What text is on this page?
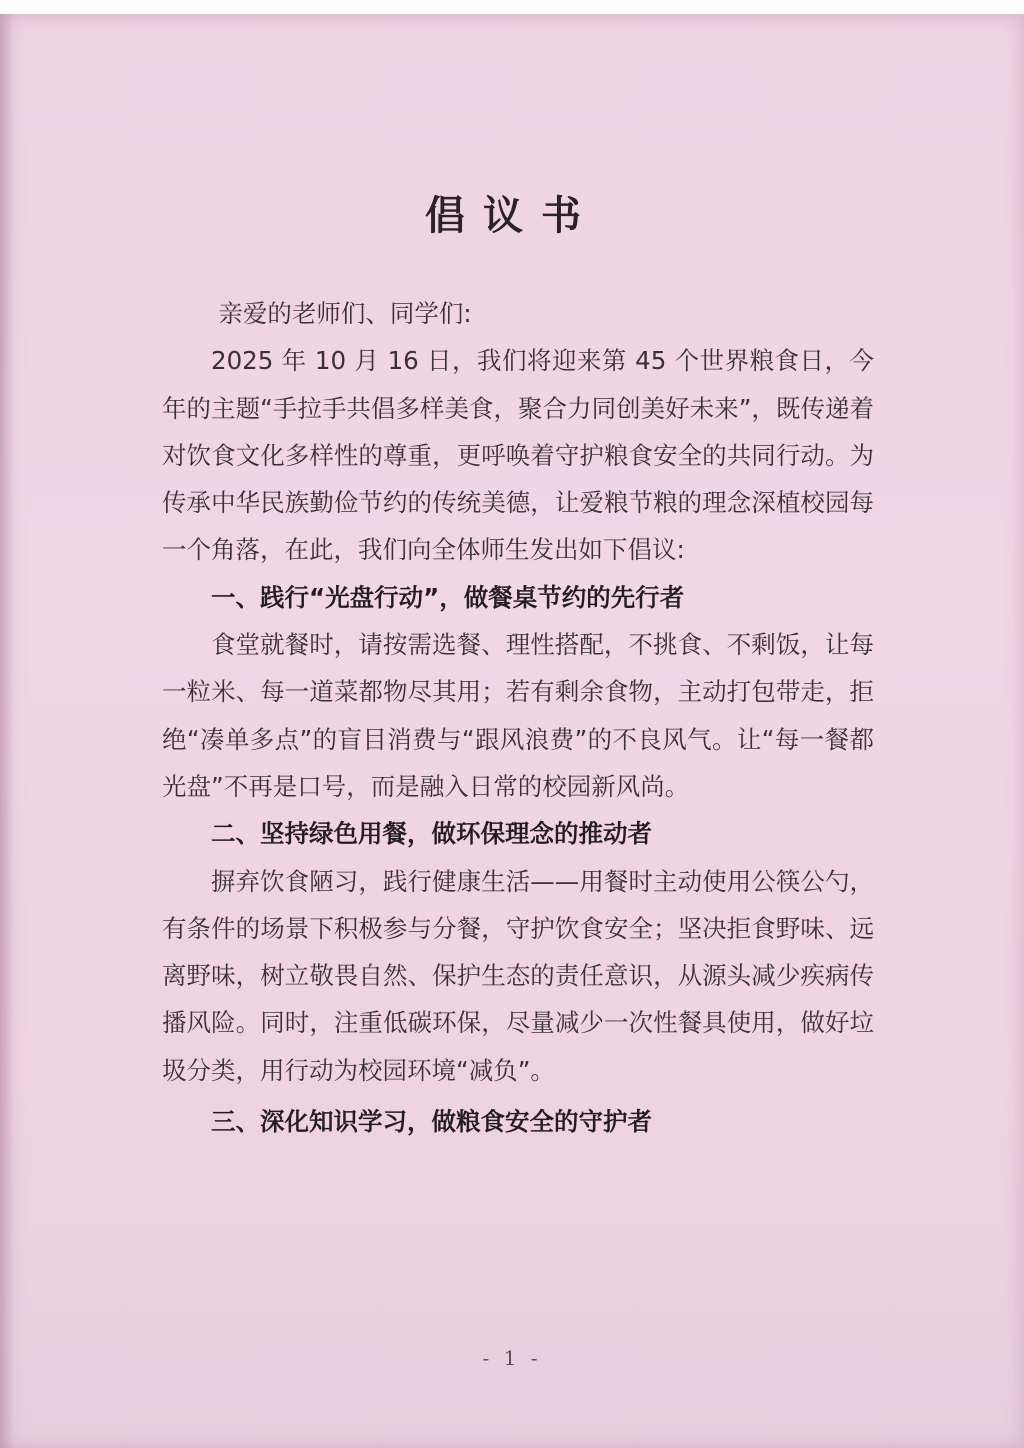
倡议书

亲爱的老师们、同学们:

2025 年 10 月 16 日，我们将迎来第 45 个世界粮食日，今年的主题“手拉手共倡多样美食，聚合力同创美好未来”，既传递着对饮食文化多样性的尊重，更呼唤着守护粮食安全的共同行动。为传承中华民族勤俭节约的传统美德，让爱粮节粮的理念深植校园每一个角落，在此，我们向全体师生发出如下倡议:

一、践行“光盘行动”，做餐桌节约的先行者

食堂就餐时，请按需选餐、理性搭配，不挑食、不剩饭，让每一粒米、每一道菜都物尽其用；若有剩余食物，主动打包带走，拒绝“凑单多点”的盲目消费与“跟风浪费”的不良风气。让“每一餐都光盘”不再是口号，而是融入日常的校园新风尚。

二、坚持绿色用餐，做环保理念的推动者

摒弃饮食陋习，践行健康生活——用餐时主动使用公筷公勺，有条件的场景下积极参与分餐，守护饮食安全；坚决拒食野味、远离野味，树立敬畏自然、保护生态的责任意识，从源头减少疾病传播风险。同时，注重低碳环保，尽量减少一次性餐具使用，做好垃圾分类，用行动为校园环境“减负”。

三、深化知识学习，做粮食安全的守护者

- 1 -
